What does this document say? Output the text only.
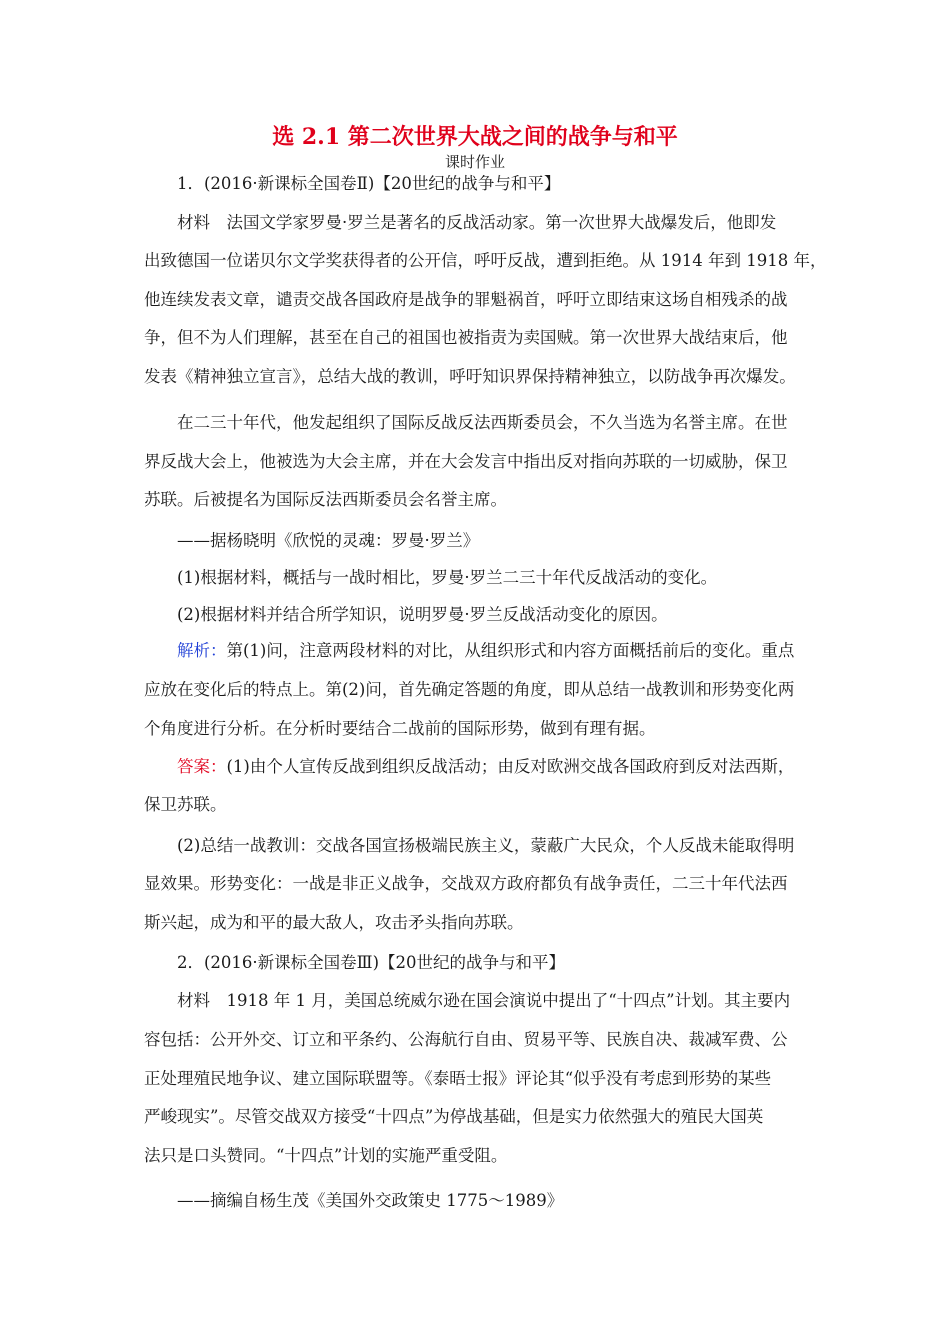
选 2.1 第二次世界大战之间的战争与和平
课时作业
1．(2016·新课标全国卷Ⅱ)【20世纪的战争与和平】
材料　法国文学家罗曼·罗兰是著名的反战活动家。第一次世界大战爆发后，他即发
出致德国一位诺贝尔文学奖获得者的公开信，呼吁反战，遭到拒绝。从 1914 年到 1918 年，
他连续发表文章，谴责交战各国政府是战争的罪魁祸首，呼吁立即结束这场自相残杀的战
争，但不为人们理解，甚至在自己的祖国也被指责为卖国贼。第一次世界大战结束后，他
发表《精神独立宣言》，总结大战的教训，呼吁知识界保持精神独立，以防战争再次爆发。
在二三十年代，他发起组织了国际反战反法西斯委员会，不久当选为名誉主席。在世
界反战大会上，他被选为大会主席，并在大会发言中指出反对指向苏联的一切威胁，保卫
苏联。后被提名为国际反法西斯委员会名誉主席。
——据杨晓明《欣悦的灵魂：罗曼·罗兰》
(1)根据材料，概括与一战时相比，罗曼·罗兰二三十年代反战活动的变化。
(2)根据材料并结合所学知识，说明罗曼·罗兰反战活动变化的原因。
解析：第(1)问，注意两段材料的对比，从组织形式和内容方面概括前后的变化。重点
应放在变化后的特点上。第(2)问，首先确定答题的角度，即从总结一战教训和形势变化两
个角度进行分析。在分析时要结合二战前的国际形势，做到有理有据。
答案：(1)由个人宣传反战到组织反战活动；由反对欧洲交战各国政府到反对法西斯，
保卫苏联。
(2)总结一战教训：交战各国宣扬极端民族主义，蒙蔽广大民众，个人反战未能取得明
显效果。形势变化：一战是非正义战争，交战双方政府都负有战争责任，二三十年代法西
斯兴起，成为和平的最大敌人，攻击矛头指向苏联。
2．(2016·新课标全国卷Ⅲ)【20世纪的战争与和平】
材料　1918 年 1 月，美国总统威尔逊在国会演说中提出了“十四点”计划。其主要内
容包括：公开外交、订立和平条约、公海航行自由、贸易平等、民族自决、裁减军费、公
正处理殖民地争议、建立国际联盟等。《泰晤士报》评论其“似乎没有考虑到形势的某些
严峻现实”。尽管交战双方接受“十四点”为停战基础，但是实力依然强大的殖民大国英
法只是口头赞同。“十四点”计划的实施严重受阻。
——摘编自杨生茂《美国外交政策史 1775～1989》
